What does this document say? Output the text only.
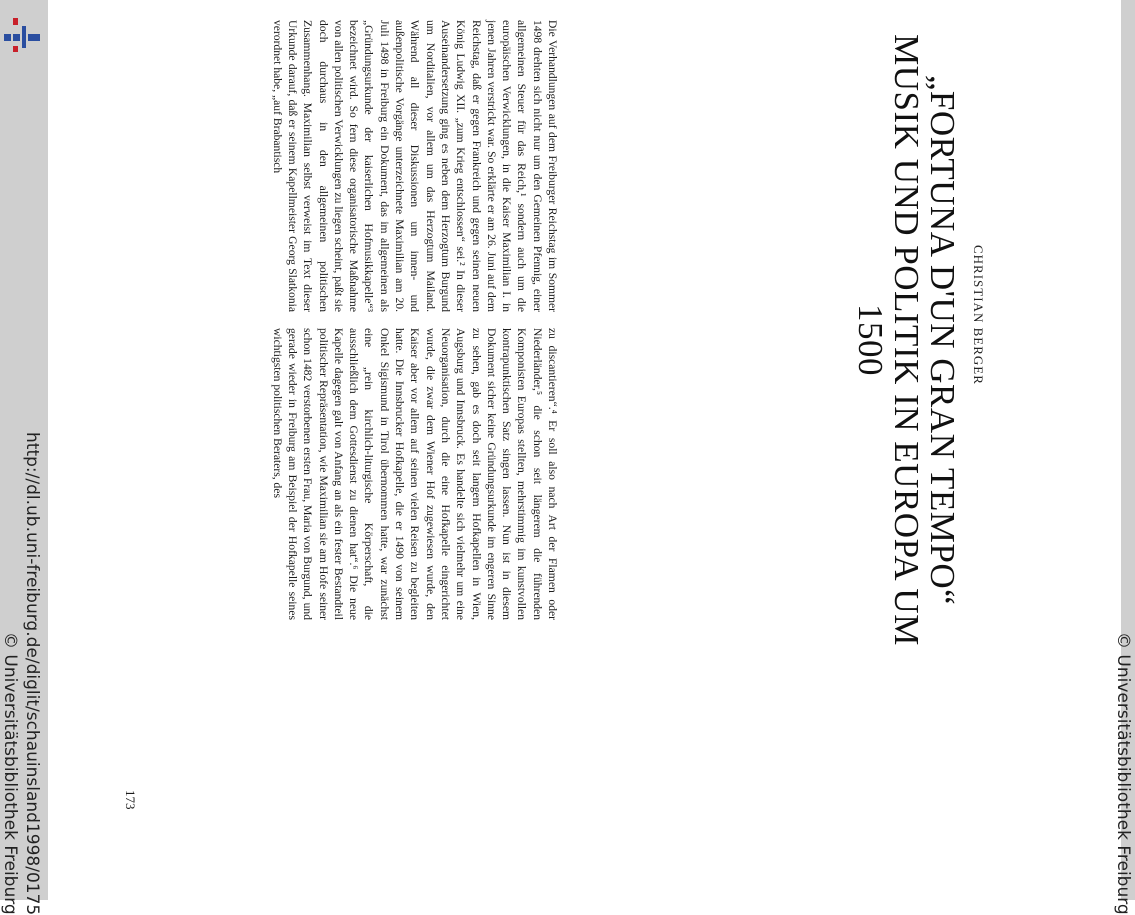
http://dl.ub.uni-freiburg.de/diglit/schauinsland1998/0175
© Universitätsbibliothek Freiburg	© Universitätsbibliothek Freiburg
CHRISTIAN BERGER
„FORTUNA D'UN GRAN TEMPO“ MUSIK UND POLITIK IN EUROPA UM 1500
Die Verhandlungen auf dem Freiburger Reichstag im Sommer 1498 drehten sich nicht nur um den Gemeinen Pfennig, einer allgemeinen Steuer für das Reich,¹ sondern auch um die europäischen Verwicklungen, in die Kaiser Maximilian I. in jenen Jahren verstrickt war. So erklärte er am 26. Juni auf dem Reichstag, daß er gegen Frankreich und gegen seinen neuen König Ludwig XII. „zum Krieg entschlossen“ sei.² In dieser Auseinandersetzung ging es neben dem Herzogtum Burgund um Norditalien, vor allem um das Herzogtum Mailand. Während all dieser Diskussionen um innen- und außenpolitische Vorgänge unterzeichnete Maximilian am 20. Juli 1498 in Freiburg ein Dokument, das im allgemeinen als „Gründungsurkunde der kaiserlichen Hofmusikkapelle“³ bezeichnet wird. So fern diese organisatorische Maßnahme von allen politischen Verwicklungen zu liegen scheint, paßt sie doch durchaus in den allgemeinen politischen Zusammenhang. Maximilian selbst verweist im Text dieser Urkunde darauf, daß er seinem Kapellmeister Georg Slatkonia verordnet habe, „auf Brabantisch
zu discantieren“.⁴ Er soll also nach Art der Flamen oder Niederländer,⁵ die schon seit längerem die führenden Komponisten Europas stellten, mehrstimmig im kunstvollen kontrapunktischen Satz singen lassen. Nun ist in diesem Dokument sicher keine Gründungsurkunde im engeren Sinne zu sehen, gab es doch seit langem Hofkapellen in Wien, Augsburg und Innsbruck. Es handelte sich vielmehr um eine Neuorganisation, durch die eine Hofkapelle eingerichtet wurde, die zwar dem Wiener Hof zugewiesen wurde, den Kaiser aber vor allem auf seinen vielen Reisen zu begleiten hatte. Die Innsbrucker Hofkapelle, die er 1490 von seinem Onkel Sigismund in Tirol übernommen hatte, war zunächst eine „rein kirchlich-liturgische Körperschaft, die ausschließlich dem Gottesdienst zu dienen hat“.⁶ Die neue Kapelle dagegen galt von Anfang an als ein fester Bestandteil politischer Repräsentation, wie Maximilian sie am Hofe seiner schon 1482 verstorbenen ersten Frau, Maria von Burgund, und gerade wieder in Freiburg am Beispiel der Hofkapelle seines wichtigsten politischen Beraters, des
173
